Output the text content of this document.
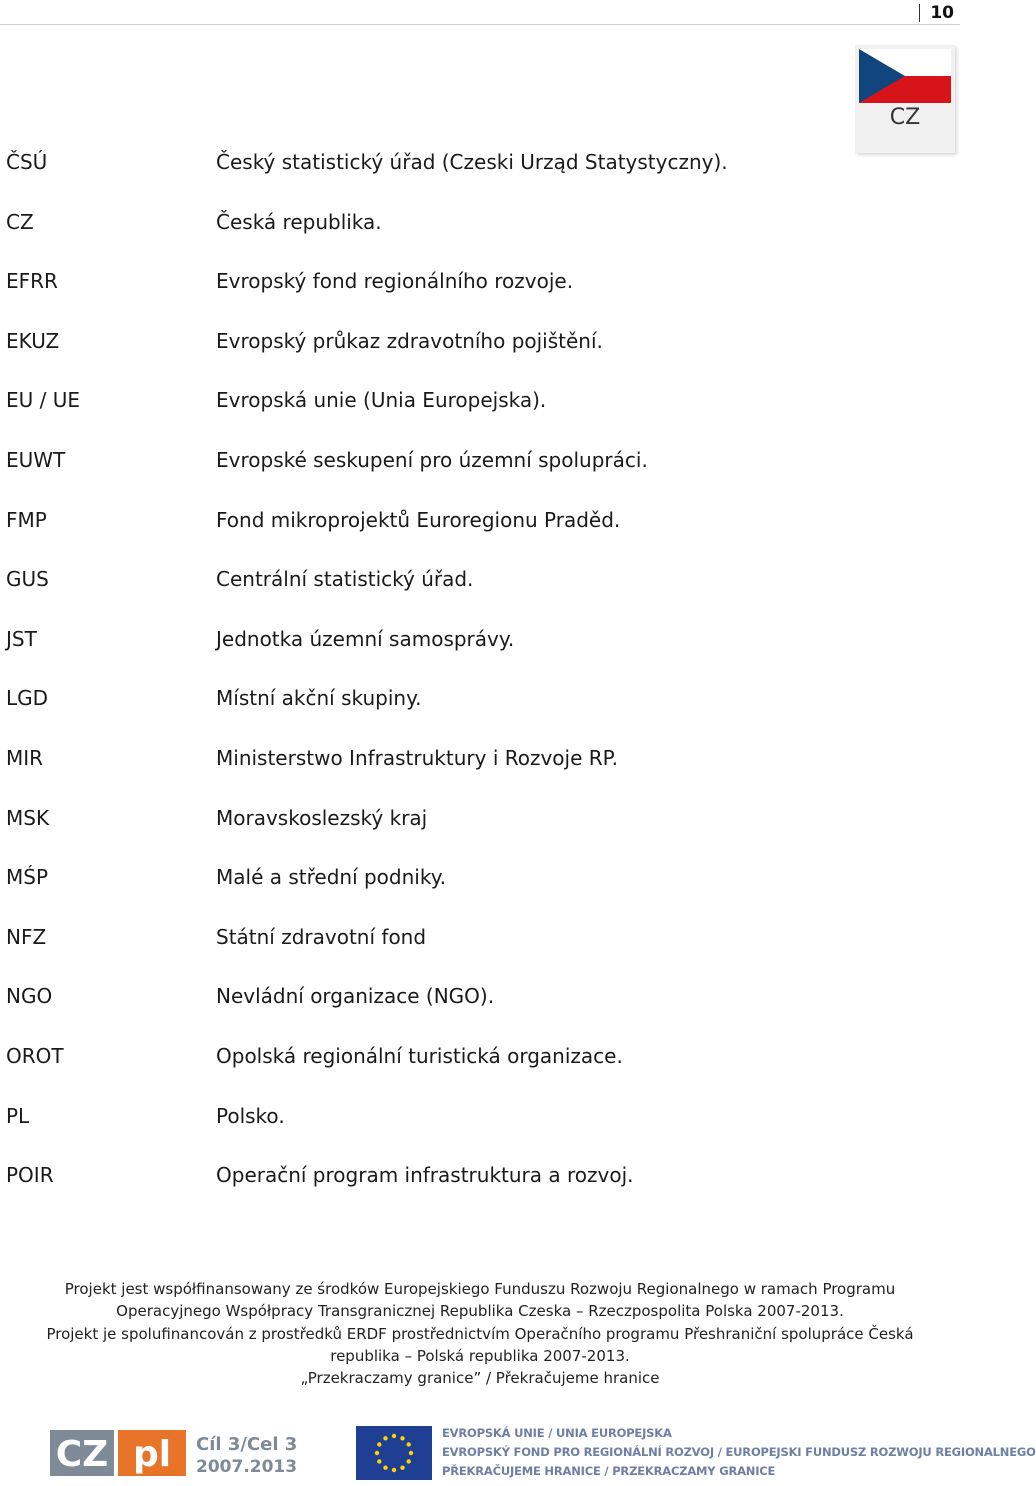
10
CZ
ČSÚ	Český statistický úřad (Czeski Urząd Statystyczny).
CZ	Česká republika.
EFRR	Evropský fond regionálního rozvoje.
EKUZ	Evropský průkaz zdravotního pojištění.
EU / UE	Evropská unie (Unia Europejska).
EUWT	Evropské seskupení pro územní spolupráci.
FMP	Fond mikroprojektů Euroregionu Praděd.
GUS	Centrální statistický úřad.
JST	Jednotka územní samosprávy.
LGD	Místní akční skupiny.
MIR	Ministerstwo Infrastruktury i Rozvoje RP.
MSK	Moravskoslezský kraj
MŚP	Malé a střední podniky.
NFZ	Státní zdravotní fond
NGO	Nevládní organizace (NGO).
OROT	Opolská regionální turistická organizace.
PL	Polsko.
POIR	Operační program infrastruktura a rozvoj.
Projekt jest współfinansowany ze środków Europejskiego Funduszu Rozwoju Regionalnego w ramach Programu
Operacyjnego Współpracy Transgranicznej Republika Czeska – Rzeczpospolita Polska 2007-2013.
Projekt je spolufinancován z prostředků ERDF prostřednictvím Operačního programu Přeshraniční spolupráce Česká
republika – Polská republika 2007-2013.
„Przekraczamy granice” / Překračujeme hranice
CZ pl Cíl 3/Cel 3
2007.2013
EVROPSKÁ UNIE / UNIA EUROPEJSKA
EVROPSKÝ FOND PRO REGIONÁLNÍ ROZVOJ / EUROPEJSKI FUNDUSZ ROZWOJU REGIONALNEGO
PŘEKRAČUJEME HRANICE / PRZEKRACZAMY GRANICE
